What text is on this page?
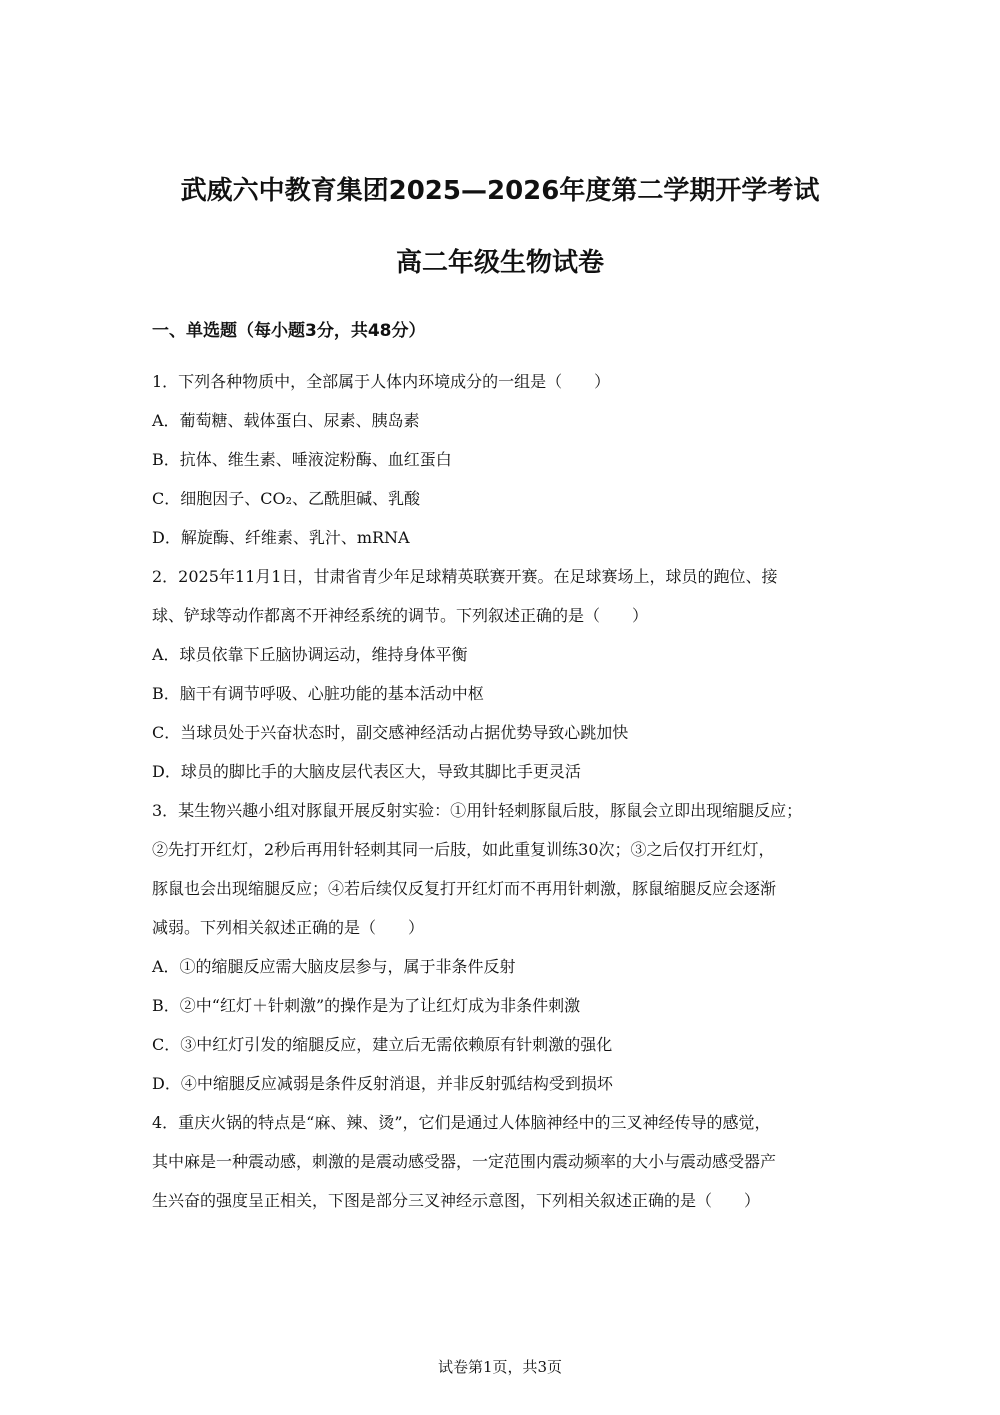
武威六中教育集团2025—2026年度第二学期开学考试
高二年级生物试卷
一、单选题（每小题3分，共48分）
1．下列各种物质中，全部属于人体内环境成分的一组是（　　）
A．葡萄糖、载体蛋白、尿素、胰岛素
B．抗体、维生素、唾液淀粉酶、血红蛋白
C．细胞因子、CO₂、乙酰胆碱、乳酸
D．解旋酶、纤维素、乳汁、mRNA
2．2025年11月1日，甘肃省青少年足球精英联赛开赛。在足球赛场上，球员的跑位、接
球、铲球等动作都离不开神经系统的调节。下列叙述正确的是（　　）
A．球员依靠下丘脑协调运动，维持身体平衡
B．脑干有调节呼吸、心脏功能的基本活动中枢
C．当球员处于兴奋状态时，副交感神经活动占据优势导致心跳加快
D．球员的脚比手的大脑皮层代表区大，导致其脚比手更灵活
3．某生物兴趣小组对豚鼠开展反射实验：①用针轻刺豚鼠后肢，豚鼠会立即出现缩腿反应；
②先打开红灯，2秒后再用针轻刺其同一后肢，如此重复训练30次；③之后仅打开红灯，
豚鼠也会出现缩腿反应；④若后续仅反复打开红灯而不再用针刺激，豚鼠缩腿反应会逐渐
减弱。下列相关叙述正确的是（　　）
A．①的缩腿反应需大脑皮层参与，属于非条件反射
B．②中“红灯＋针刺激”的操作是为了让红灯成为非条件刺激
C．③中红灯引发的缩腿反应，建立后无需依赖原有针刺激的强化
D．④中缩腿反应减弱是条件反射消退，并非反射弧结构受到损坏
4．重庆火锅的特点是“麻、辣、烫”，它们是通过人体脑神经中的三叉神经传导的感觉，
其中麻是一种震动感，刺激的是震动感受器，一定范围内震动频率的大小与震动感受器产
生兴奋的强度呈正相关，下图是部分三叉神经示意图，下列相关叙述正确的是（　　）
试卷第1页，共3页
